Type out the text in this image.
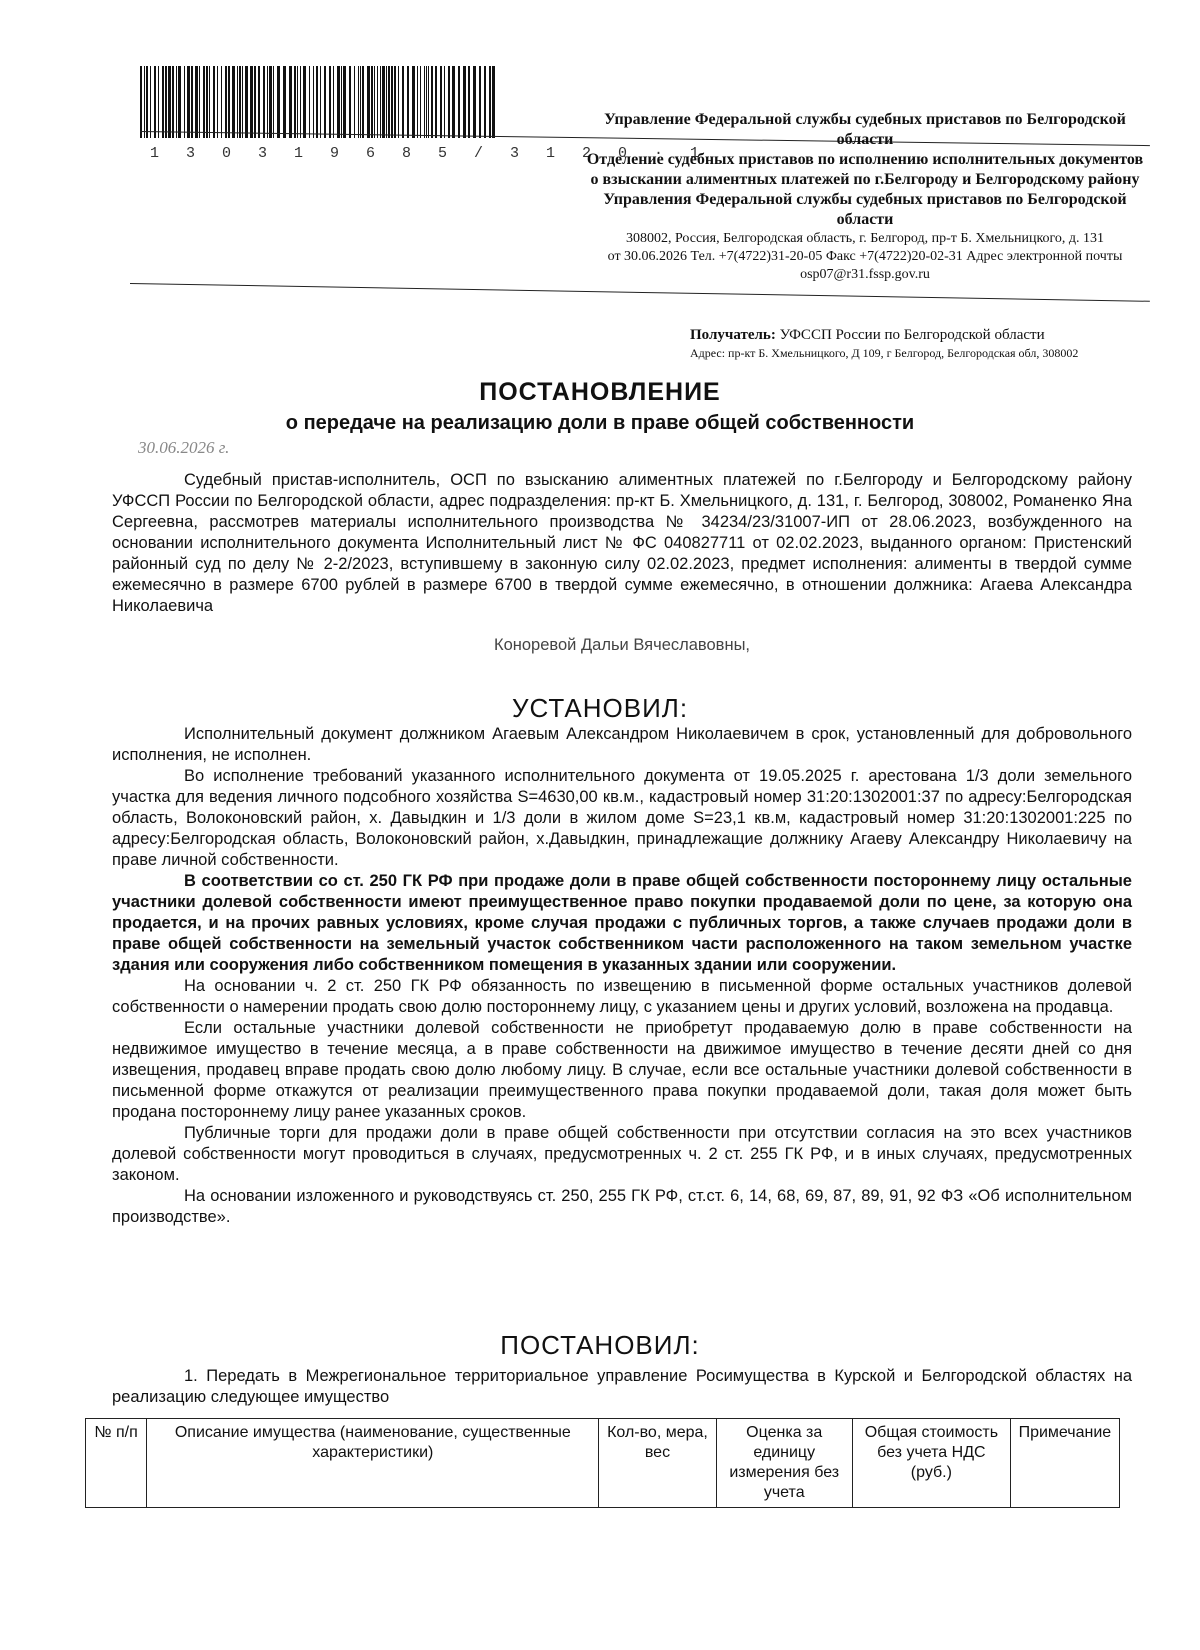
1 3 0 3 1 9 6 8 5 / 3 1 2 0 · 1
Управление Федеральной службы судебных приставов по Белгородской области
Отделение судебных приставов по исполнению исполнительных документов о взыскании алиментных платежей по г.Белгороду и Белгородскому району Управления Федеральной службы судебных приставов по Белгородской области
308002, Россия, Белгородская область, г. Белгород, пр-т Б. Хмельницкого, д. 131
от 30.06.2026 Тел. +7(4722)31-20-05 Факс +7(4722)20-02-31 Адрес электронной почты osp07@r31.fssp.gov.ru
Получатель: УФССП России по Белгородской области
Адрес: пр-кт Б. Хмельницкого, Д 109, г Белгород, Белгородская обл, 308002
ПОСТАНОВЛЕНИЕ
о передаче на реализацию доли в праве общей собственности
30.06.2026 г.

Судебный пристав-исполнитель, ОСП по взысканию алиментных платежей по г.Белгороду и Белгородскому району УФССП России по Белгородской области, адрес подразделения: пр-кт Б. Хмельницкого, д. 131, г. Белгород, 308002, Романенко Яна Сергеевна, рассмотрев материалы исполнительного производства № 34234/23/31007-ИП от 28.06.2023, возбужденного на основании исполнительного документа Исполнительный лист № ФС 040827711 от 02.02.2023, выданного органом: Пристенский районный суд по делу № 2-2/2023, вступившему в законную силу 02.02.2023, предмет исполнения: алименты в твердой сумме ежемесячно в размере 6700 рублей в размере 6700 в твердой сумме ежемесячно, в отношении должника: Агаева Александра Николаевича

Коноревой Дальи Вячеславовны,

УСТАНОВИЛ:

Исполнительный документ должником Агаевым Александром Николаевичем в срок, установленный для добровольного исполнения, не исполнен.

Во исполнение требований указанного исполнительного документа от 19.05.2025 г. арестована 1/3 доли земельного участка для ведения личного подсобного хозяйства S=4630,00 кв.м., кадастровый номер 31:20:1302001:37 по адресу:Белгородская область, Волоконовский район, х. Давыдкин и 1/3 доли в жилом доме S=23,1 кв.м, кадастровый номер 31:20:1302001:225 по адресу:Белгородская область, Волоконовский район, х.Давыдкин, принадлежащие должнику Агаеву Александру Николаевичу на праве личной собственности.

В соответствии со ст. 250 ГК РФ при продаже доли в праве общей собственности постороннему лицу остальные участники долевой собственности имеют преимущественное право покупки продаваемой доли по цене, за которую она продается, и на прочих равных условиях, кроме случая продажи с публичных торгов, а также случаев продажи доли в праве общей собственности на земельный участок собственником части расположенного на таком земельном участке здания или сооружения либо собственником помещения в указанных здании или сооружении.

На основании ч. 2 ст. 250 ГК РФ обязанность по извещению в письменной форме остальных участников долевой собственности о намерении продать свою долю постороннему лицу, с указанием цены и других условий, возложена на продавца.

Если остальные участники долевой собственности не приобретут продаваемую долю в праве собственности на недвижимое имущество в течение месяца, а в праве собственности на движимое имущество в течение десяти дней со дня извещения, продавец вправе продать свою долю любому лицу. В случае, если все остальные участники долевой собственности в письменной форме откажутся от реализации преимущественного права покупки продаваемой доли, такая доля может быть продана постороннему лицу ранее указанных сроков.

Публичные торги для продажи доли в праве общей собственности при отсутствии согласия на это всех участников долевой собственности могут проводиться в случаях, предусмотренных ч. 2 ст. 255 ГК РФ, и в иных случаях, предусмотренных законом.

На основании изложенного и руководствуясь ст. 250, 255 ГК РФ, ст.ст. 6, 14, 68, 69, 87, 89, 91, 92 ФЗ «Об исполнительном производстве».

ПОСТАНОВИЛ:

1. Передать в Межрегиональное территориальное управление Росимущества в Курской и Белгородской областях на реализацию следующее имущество

№ п/п	Описание имущества (наименование, существенные характеристики)	Кол-во, мера, вес	Оценка за единицу измерения без учета	Общая стоимость без учета НДС (руб.)	Примечание
